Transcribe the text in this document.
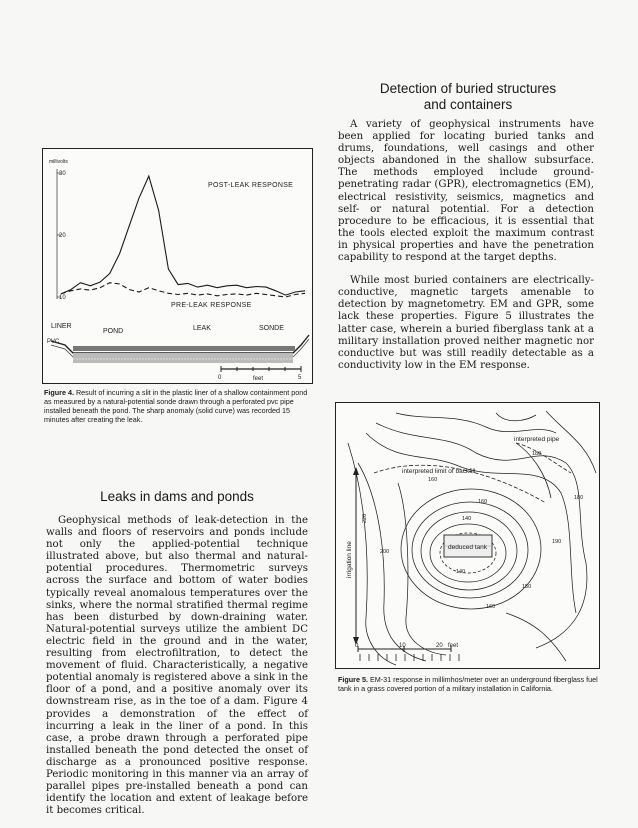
Detection of buried structures
and containers

A variety of geophysical instruments have been applied for locating buried tanks and drums, foundations, well casings and other objects abandoned in the shallow subsurface. The methods employed include ground-penetrating radar (GPR), electromagnetics (EM), electrical resistivity, seismics, magnetics and self- or natural potential. For a detection procedure to be efficacious, it is essential that the tools elected exploit the maximum contrast in physical properties and have the penetration capability to respond at the target depths.

While most buried containers are electrically-conductive, magnetic targets amenable to detection by magnetometry. EM and GPR, some lack these properties. Figure 5 illustrates the latter case, wherein a buried fiberglass tank at a military installation proved neither magnetic nor conductive but was still readily detectable as a conductivity low in the EM response.

millivolts
30
20
10
POST-LEAK RESPONSE
PRE-LEAK RESPONSE
LINER
PVC
POND	LEAK	SONDE
0	feet	5
Figure 4. Result of incurring a slit in the plastic liner of a shallow containment pond as measured by a natural-potential sonde drawn through a perforated pvc pipe installed beneath the pond. The sharp anomaly (solid curve) was recorded 15 minutes after creating the leak.
Leaks in dams and ponds

Geophysical methods of leak-detection in the walls and floors of reservoirs and ponds include not only the applied-potential technique illustrated above, but also thermal and natural-potential procedures. Thermometric surveys across the surface and bottom of water bodies typically reveal anomalous temperatures over the sinks, where the normal stratified thermal regime has been disturbed by down-draining water. Natural-potential surveys utilize the ambient DC electric field in the ground and in the water, resulting from electrofiltration, to detect the movement of fluid. Characteristically, a negative potential anomaly is registered above a sink in the floor of a pond, and a positive anomaly over its downstream rise, as in the toe of a dam. Figure 4 provides a demonstration of the effect of incurring a leak in the liner of a pond. In this case, a probe drawn through a perforated pipe installed beneath the pond detected the onset of discharge as a pronounced positive response. Periodic monitoring in this manner via an array of parallel pipes pre-installed beneath a pond can identify the location and extent of leakage before it becomes critical.

interpreted pipe
interpreted limit of backfill
deduced tank
irrigation line
160
160
140
140
150
180
180
160
220
200
190
0	10	20 feet
Figure 5. EM-31 response in millimhos/meter over an underground fiberglass fuel tank in a grass covered portion of a military installation in California.
